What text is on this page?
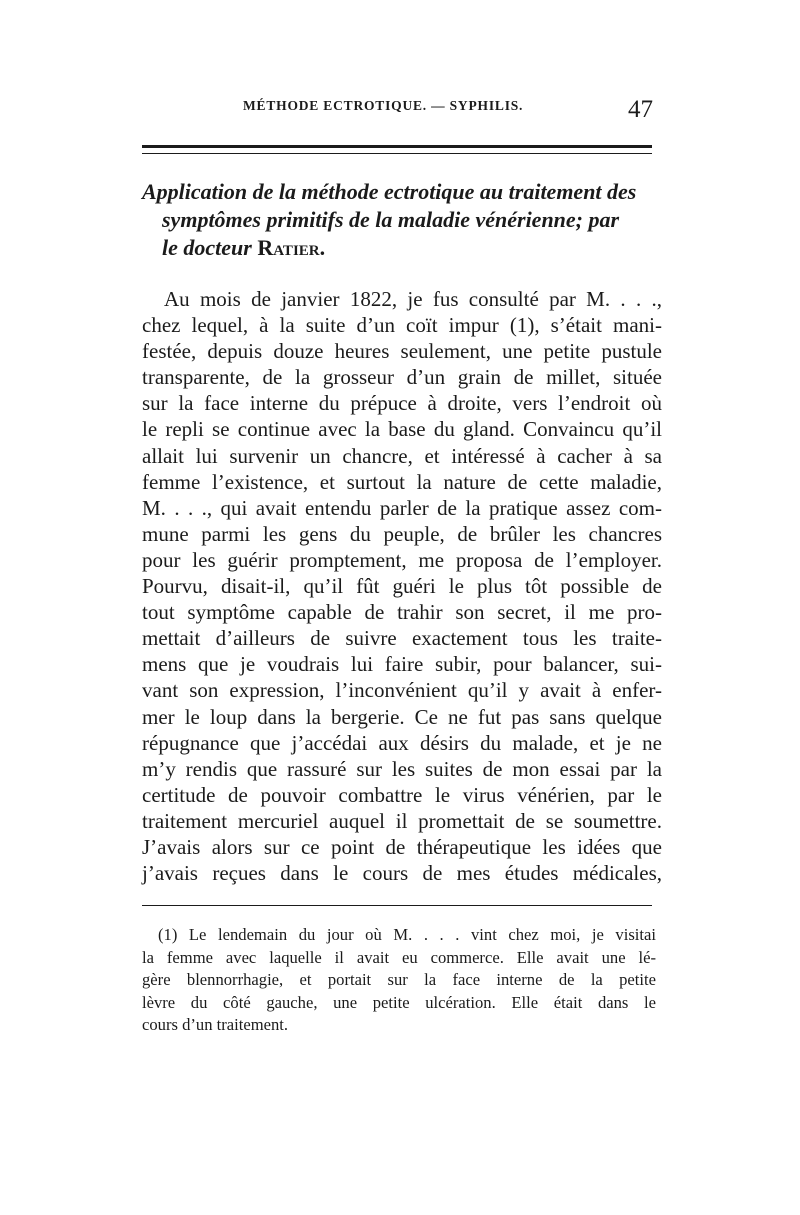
MÉTHODE ECTROTIQUE. — SYPHILIS.	47
Application de la méthode ectrotique au traitement des
symptômes primitifs de la maladie vénérienne; par
le docteur Ratier.
Au mois de janvier 1822, je fus consulté par M. . . .,
chez lequel, à la suite d’un coït impur (1), s’était mani-
festée, depuis douze heures seulement, une petite pustule
transparente, de la grosseur d’un grain de millet, située
sur la face interne du prépuce à droite, vers l’endroit où
le repli se continue avec la base du gland. Convaincu qu’il
allait lui survenir un chancre, et intéressé à cacher à sa
femme l’existence, et surtout la nature de cette maladie,
M. . . ., qui avait entendu parler de la pratique assez com-
mune parmi les gens du peuple, de brûler les chancres
pour les guérir promptement, me proposa de l’employer.
Pourvu, disait-il, qu’il fût guéri le plus tôt possible de
tout symptôme capable de trahir son secret, il me pro-
mettait d’ailleurs de suivre exactement tous les traite-
mens que je voudrais lui faire subir, pour balancer, sui-
vant son expression, l’inconvénient qu’il y avait à enfer-
mer le loup dans la bergerie. Ce ne fut pas sans quelque
répugnance que j’accédai aux désirs du malade, et je ne
m’y rendis que rassuré sur les suites de mon essai par la
certitude de pouvoir combattre le virus vénérien, par le
traitement mercuriel auquel il promettait de se soumettre.
J’avais alors sur ce point de thérapeutique les idées que
j’avais reçues dans le cours de mes études médicales,
(1) Le lendemain du jour où M. . . . vint chez moi, je visitai
la femme avec laquelle il avait eu commerce. Elle avait une lé-
gère blennorrhagie, et portait sur la face interne de la petite
lèvre du côté gauche, une petite ulcération. Elle était dans le
cours d’un traitement.
